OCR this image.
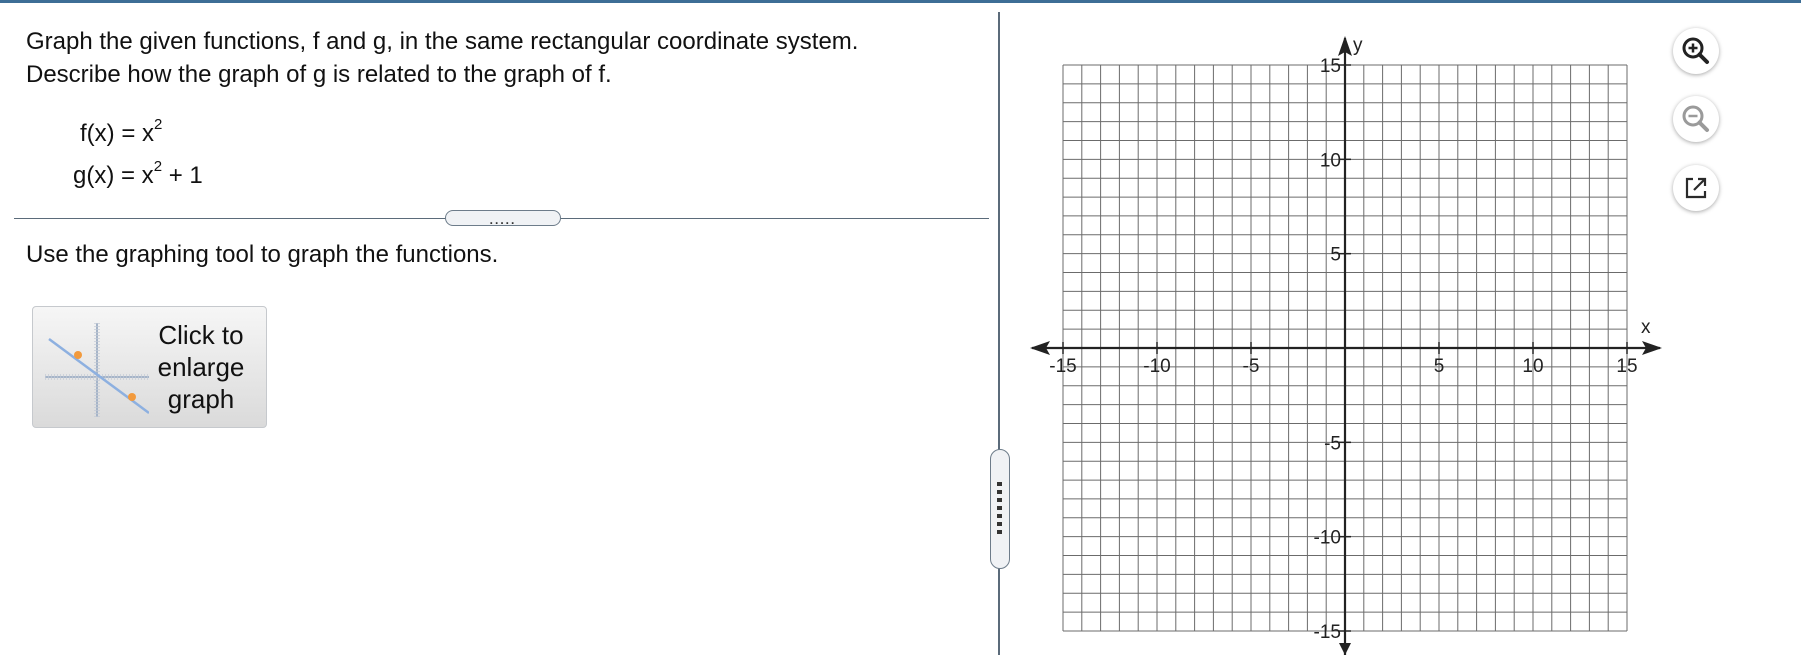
Graph the given functions, f and g, in the same rectangular coordinate system.
Describe how the graph of g is related to the graph of f.
$f(x) = x^2$
$g(x) = x^2 + 1$
.....
Use the graphing tool to graph the functions.
Click to
enlarge
graph
-15	-10	-5	5	10	15
15
10
5
-5
-10
-15
x
y
